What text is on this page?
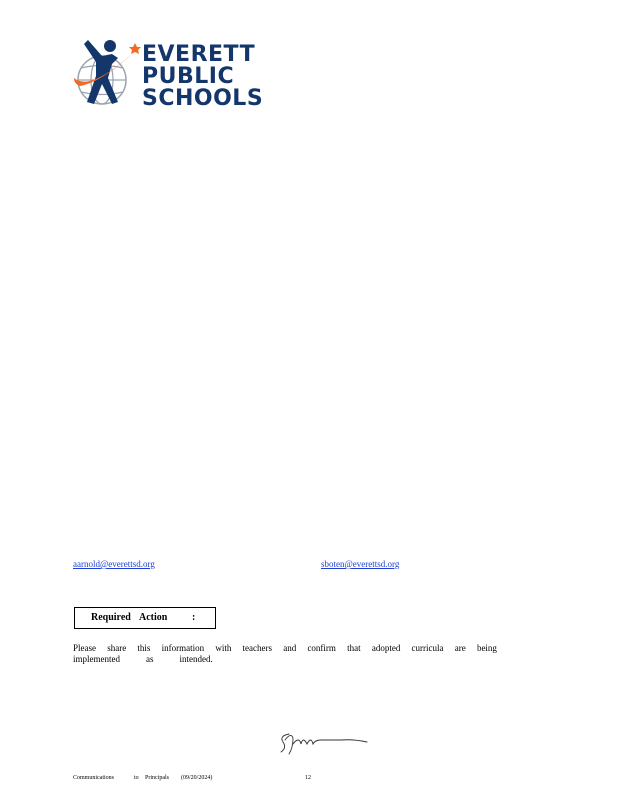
EVERETT
PUBLIC
SCHOOLS
aarnold@everettsd.org	sboten@everettsd.org
Required Action :
Please share this information with teachers and confirm that adopted curricula are being
implemented	as	intended.
Communications	to Principals (09/20/2024)	12
